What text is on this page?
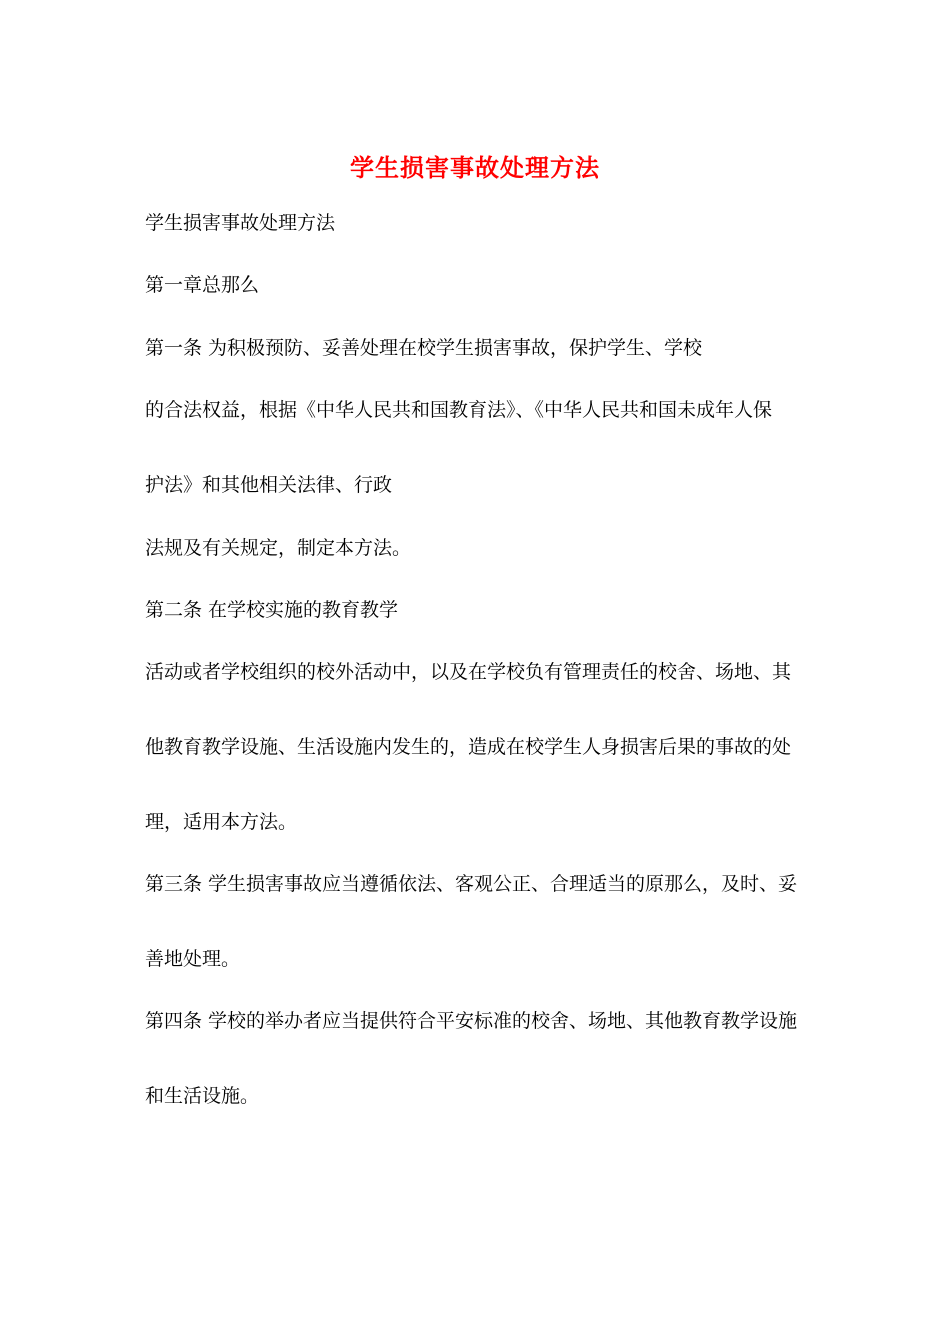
学生损害事故处理方法
学生损害事故处理方法
第一章总那么
第一条 为积极预防、妥善处理在校学生损害事故，保护学生、学校
的合法权益，根据《中华人民共和国教育法》、《中华人民共和国未成年人保
护法》和其他相关法律、行政
法规及有关规定，制定本方法。
第二条 在学校实施的教育教学
活动或者学校组织的校外活动中，以及在学校负有管理责任的校舍、场地、其
他教育教学设施、生活设施内发生的，造成在校学生人身损害后果的事故的处
理，适用本方法。
第三条 学生损害事故应当遵循依法、客观公正、合理适当的原那么，及时、妥
善地处理。
第四条 学校的举办者应当提供符合平安标准的校舍、场地、其他教育教学设施
和生活设施。
